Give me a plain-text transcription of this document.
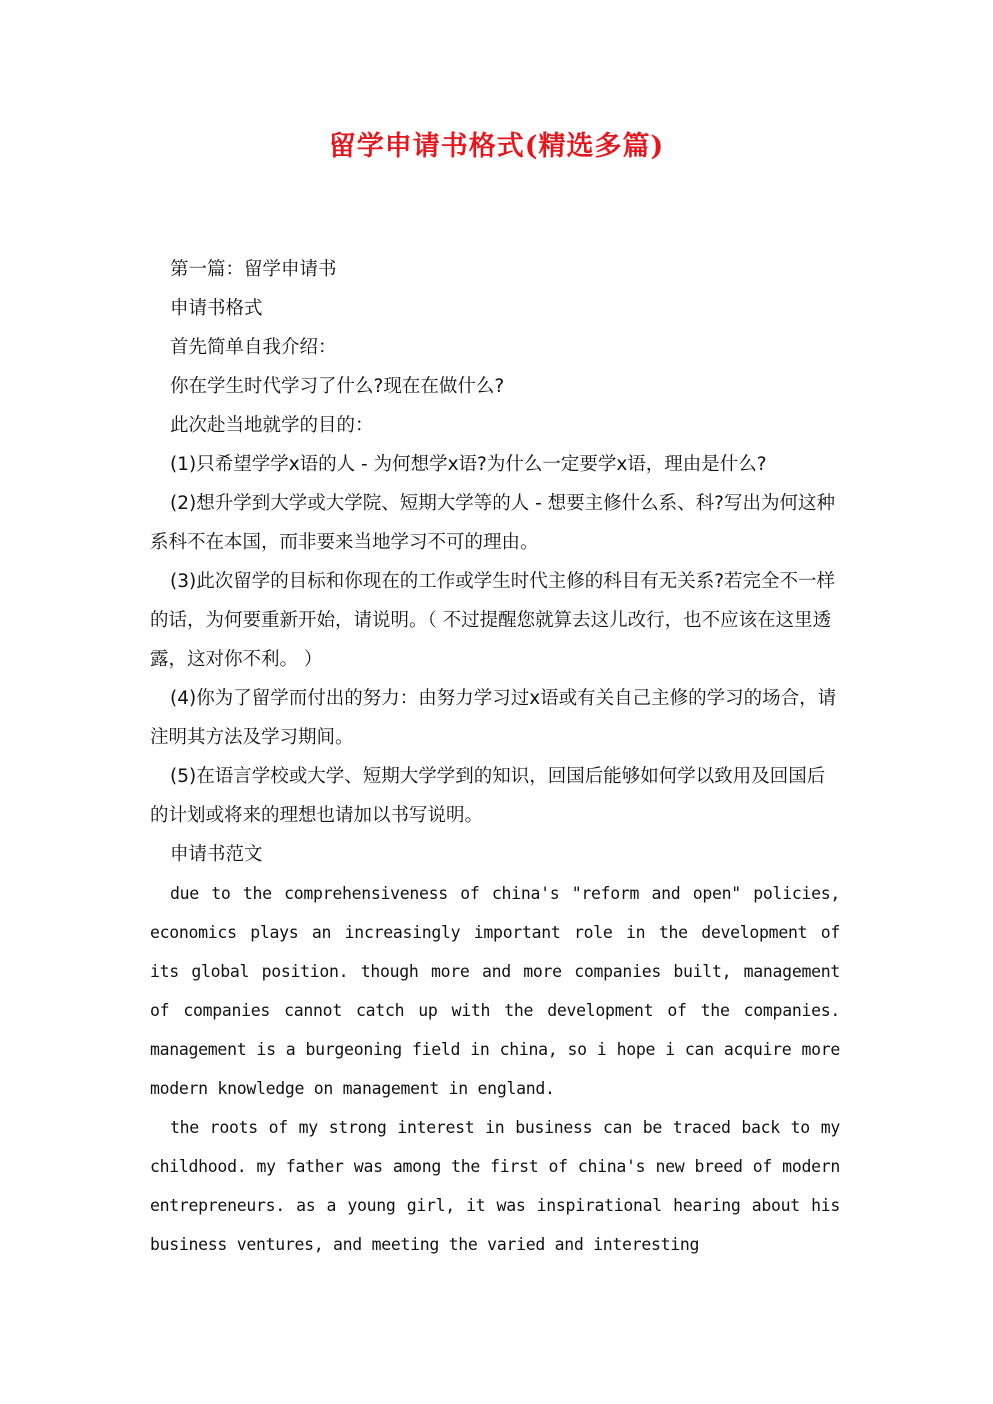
留学申请书格式(精选多篇)

第一篇：留学申请书

申请书格式

首先简单自我介绍：

你在学生时代学习了什么?现在在做什么?

此次赴当地就学的目的：

(1)只希望学学x语的人 - 为何想学x语?为什么一定要学x语，理由是什么?

(2)想升学到大学或大学院、短期大学等的人 - 想要主修什么系、科?写出为何这种系科不在本国，而非要来当地学习不可的理由。

(3)此次留学的目标和你现在的工作或学生时代主修的科目有无关系?若完全不一样的话，为何要重新开始，请说明。（ 不过提醒您就算去这儿改行，也不应该在这里透露，这对你不利。 ）

(4)你为了留学而付出的努力：由努力学习过x语或有关自己主修的学习的场合，请注明其方法及学习期间。

(5)在语言学校或大学、短期大学学到的知识，回国后能够如何学以致用及回国后的计划或将来的理想也请加以书写说明。

申请书范文

due to the comprehensiveness of china's "reform and open" policies, economics plays an increasingly important role in the development of its global position. though more and more companies built, management of companies cannot catch up with the development of the companies. management is a burgeoning field in china, so i hope i can acquire more modern knowledge on management in england.

the roots of my strong interest in business can be traced back to my childhood. my father was among the first of china's new breed of modern entrepreneurs. as a young girl, it was inspirational hearing about his business ventures, and meeting the varied and interesting
